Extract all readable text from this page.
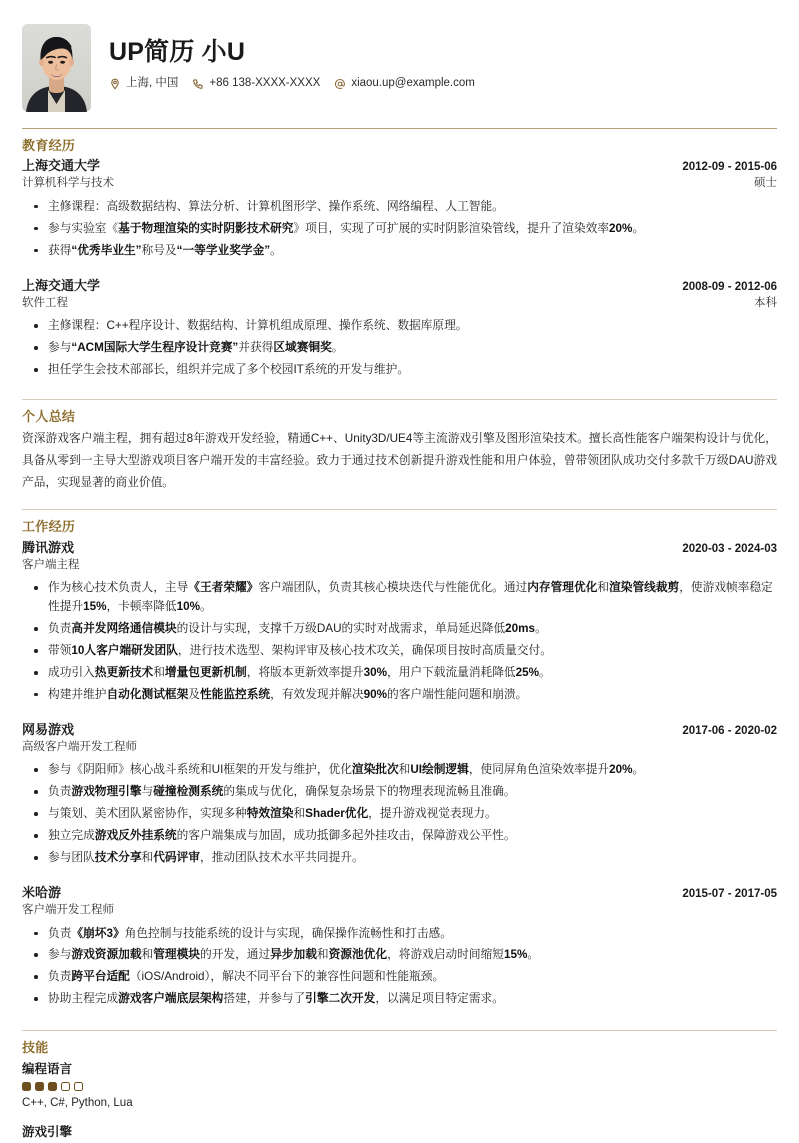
UP简历 小U
上海, 中国	+86 138-XXXX-XXXX	xiaou.up@example.com
教育经历
上海交通大学	2012-09 - 2015-06
计算机科学与技术	硕士
主修课程：高级数据结构、算法分析、计算机图形学、操作系统、网络编程、人工智能。
参与实验室《基于物理渲染的实时阴影技术研究》项目，实现了可扩展的实时阴影渲染管线，提升了渲染效率20%。
获得“优秀毕业生”称号及“一等学业奖学金”。
上海交通大学	2008-09 - 2012-06
软件工程	本科
主修课程：C++程序设计、数据结构、计算机组成原理、操作系统、数据库原理。
参与“ACM国际大学生程序设计竞赛”并获得区域赛铜奖。
担任学生会技术部部长，组织并完成了多个校园IT系统的开发与维护。
个人总结
资深游戏客户端主程，拥有超过8年游戏开发经验，精通C++、Unity3D/UE4等主流游戏引擎及图形渲染技术。擅长高性能客户端架构设计与优化，具备从零到一主导大型游戏项目客户端开发的丰富经验。致力于通过技术创新提升游戏性能和用户体验，曾带领团队成功交付多款千万级DAU游戏产品，实现显著的商业价值。
工作经历
腾讯游戏	2020-03 - 2024-03
客户端主程
作为核心技术负责人，主导《王者荣耀》客户端团队，负责其核心模块迭代与性能优化。通过内存管理优化和渲染管线裁剪，使游戏帧率稳定性提升15%，卡顿率降低10%。
负责高并发网络通信模块的设计与实现，支撑千万级DAU的实时对战需求，单局延迟降低20ms。
带领10人客户端研发团队，进行技术选型、架构评审及核心技术攻关，确保项目按时高质量交付。
成功引入热更新技术和增量包更新机制，将版本更新效率提升30%，用户下载流量消耗降低25%。
构建并维护自动化测试框架及性能监控系统，有效发现并解决90%的客户端性能问题和崩溃。
网易游戏	2017-06 - 2020-02
高级客户端开发工程师
参与《阴阳师》核心战斗系统和UI框架的开发与维护，优化渲染批次和UI绘制逻辑，使同屏角色渲染效率提升20%。
负责游戏物理引擎与碰撞检测系统的集成与优化，确保复杂场景下的物理表现流畅且准确。
与策划、美术团队紧密协作，实现多种特效渲染和Shader优化，提升游戏视觉表现力。
独立完成游戏反外挂系统的客户端集成与加固，成功抵御多起外挂攻击，保障游戏公平性。
参与团队技术分享和代码评审，推动团队技术水平共同提升。
米哈游	2015-07 - 2017-05
客户端开发工程师
负责《崩坏3》角色控制与技能系统的设计与实现，确保操作流畅性和打击感。
参与游戏资源加载和管理模块的开发，通过异步加载和资源池优化，将游戏启动时间缩短15%。
负责跨平台适配（iOS/Android），解决不同平台下的兼容性问题和性能瓶颈。
协助主程完成游戏客户端底层架构搭建，并参与了引擎二次开发，以满足项目特定需求。
技能
编程语言
C++, C#, Python, Lua
游戏引擎
